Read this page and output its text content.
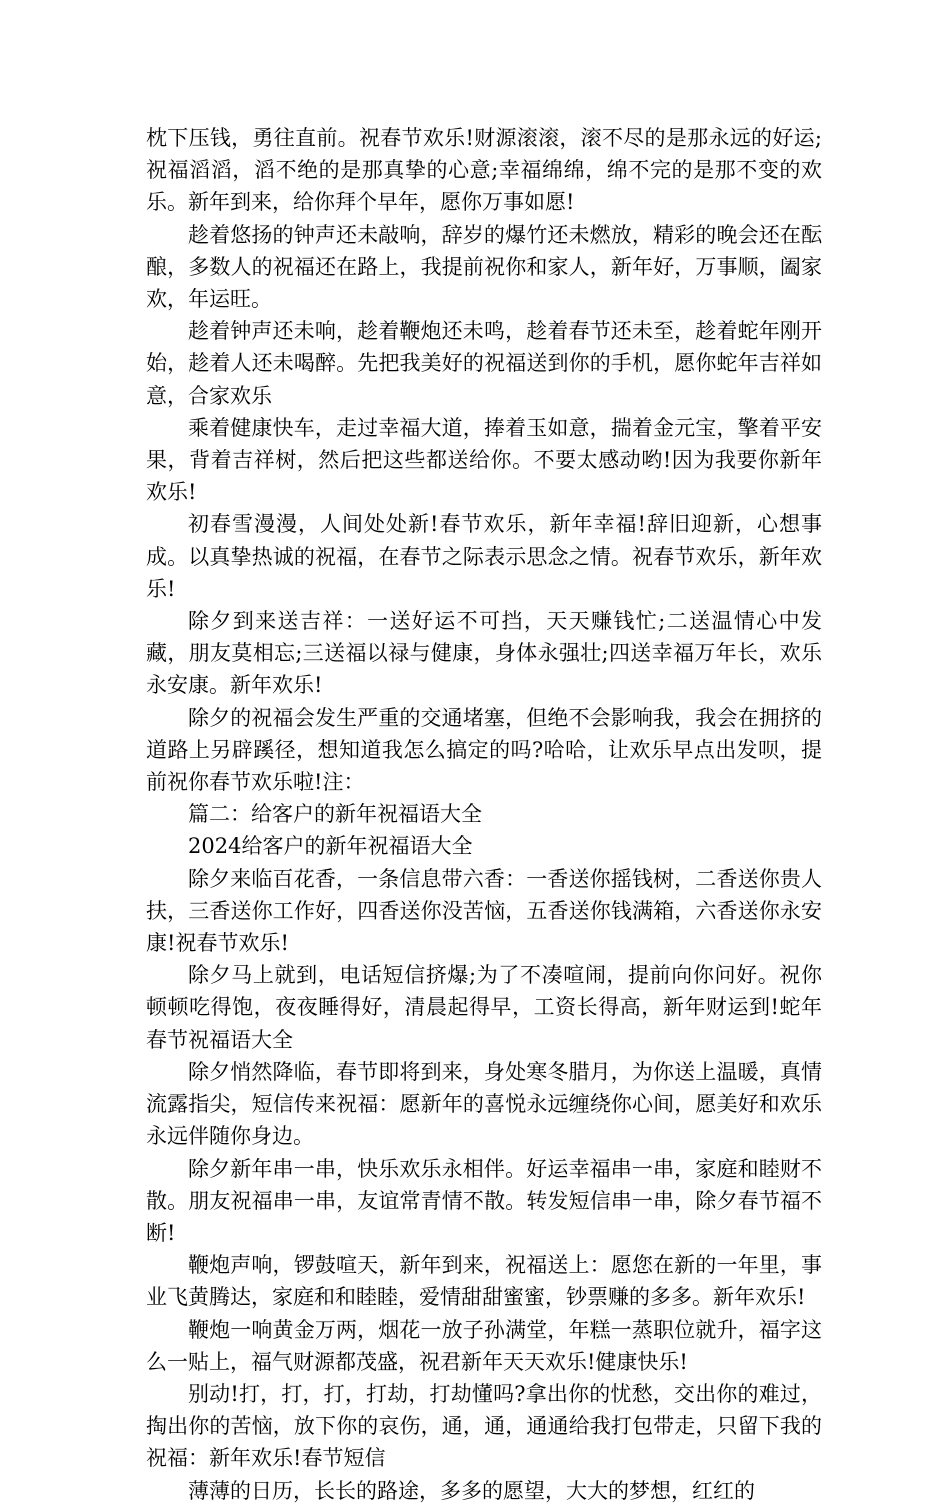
枕下压钱，勇往直前。祝春节欢乐!财源滚滚，滚不尽的是那永远的好运;祝福滔滔，滔不绝的是那真挚的心意;幸福绵绵，绵不完的是那不变的欢乐。新年到来，给你拜个早年，愿你万事如愿!

趁着悠扬的钟声还未敲响，辞岁的爆竹还未燃放，精彩的晚会还在酝酿，多数人的祝福还在路上，我提前祝你和家人，新年好，万事顺，阖家欢，年运旺。

趁着钟声还未响，趁着鞭炮还未鸣，趁着春节还未至，趁着蛇年刚开始，趁着人还未喝醉。先把我美好的祝福送到你的手机，愿你蛇年吉祥如意，合家欢乐

乘着健康快车，走过幸福大道，捧着玉如意，揣着金元宝，擎着平安果，背着吉祥树，然后把这些都送给你。不要太感动哟!因为我要你新年欢乐!

初春雪漫漫，人间处处新!春节欢乐，新年幸福!辞旧迎新，心想事成。以真挚热诚的祝福，在春节之际表示思念之情。祝春节欢乐，新年欢乐!

除夕到来送吉祥：一送好运不可挡，天天赚钱忙;二送温情心中发藏，朋友莫相忘;三送福以禄与健康，身体永强壮;四送幸福万年长，欢乐永安康。新年欢乐!

除夕的祝福会发生严重的交通堵塞，但绝不会影响我，我会在拥挤的道路上另辟蹊径，想知道我怎么搞定的吗?哈哈，让欢乐早点出发呗，提前祝你春节欢乐啦!注：

篇二：给客户的新年祝福语大全

2024给客户的新年祝福语大全

除夕来临百花香，一条信息带六香：一香送你摇钱树，二香送你贵人扶，三香送你工作好，四香送你没苦恼，五香送你钱满箱，六香送你永安康!祝春节欢乐!

除夕马上就到，电话短信挤爆;为了不凑喧闹，提前向你问好。祝你顿顿吃得饱，夜夜睡得好，清晨起得早，工资长得高，新年财运到!蛇年春节祝福语大全

除夕悄然降临，春节即将到来，身处寒冬腊月，为你送上温暖，真情流露指尖，短信传来祝福：愿新年的喜悦永远缠绕你心间，愿美好和欢乐永远伴随你身边。

除夕新年串一串，快乐欢乐永相伴。好运幸福串一串，家庭和睦财不散。朋友祝福串一串，友谊常青情不散。转发短信串一串，除夕春节福不断!

鞭炮声响，锣鼓喧天，新年到来，祝福送上：愿您在新的一年里，事业飞黄腾达，家庭和和睦睦，爱情甜甜蜜蜜，钞票赚的多多。新年欢乐!

鞭炮一响黄金万两，烟花一放子孙满堂，年糕一蒸职位就升，福字这么一贴上，福气财源都茂盛，祝君新年天天欢乐!健康快乐!

别动!打，打，打，打劫，打劫懂吗?拿出你的忧愁，交出你的难过，掏出你的苦恼，放下你的哀伤，通，通，通通给我打包带走，只留下我的祝福：新年欢乐!春节短信

薄薄的日历，长长的路途，多多的愿望，大大的梦想，红红的
